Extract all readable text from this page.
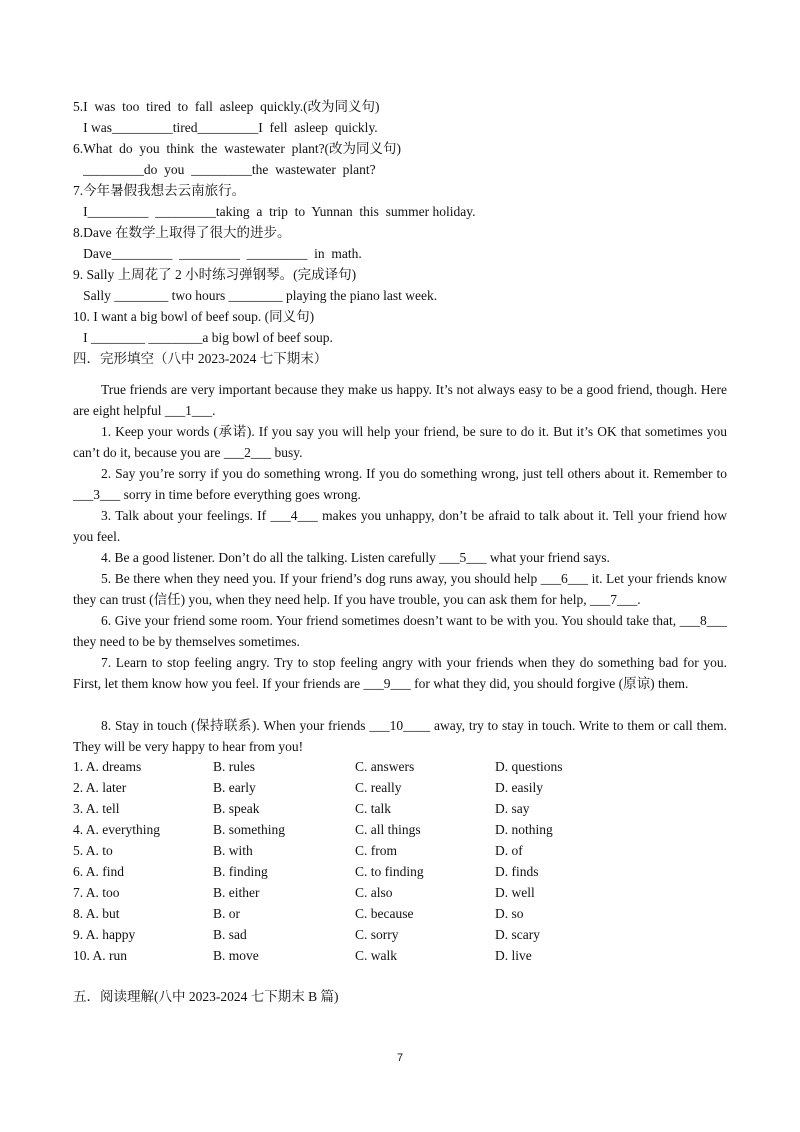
5.I  was  too  tired  to  fall  asleep  quickly.(改为同义句)
I was_________tired_________I  fell  asleep  quickly.
6.What  do  you  think  the  wastewater  plant?(改为同义句)
_________do  you  _________the  wastewater  plant?
7.今年暑假我想去云南旅行。
I_________  _________taking  a  trip  to  Yunnan  this  summer holiday.
8.Dave 在数学上取得了很大的进步。
Dave_________  _________  _________  in  math.
9. Sally 上周花了 2 小时练习弹钢琴。(完成译句)
Sally ________ two hours ________ playing the piano last week.
10. I want a big bowl of beef soup. (同义句)
I ________ ________a big bowl of beef soup.
四．完形填空（八中 2023-2024 七下期末）
True friends are very important because they make us happy. It’s not always easy to be a good friend, though. Here are eight helpful ___1___.
1. Keep your words (承诺). If you say you will help your friend, be sure to do it. But it’s OK that sometimes you can’t do it, because you are ___2___ busy.
2. Say you’re sorry if you do something wrong. If you do something wrong, just tell others about it. Remember to ___3___ sorry in time before everything goes wrong.
3. Talk about your feelings. If ___4___ makes you unhappy, don’t be afraid to talk about it. Tell your friend how you feel.
4. Be a good listener. Don’t do all the talking. Listen carefully ___5___ what your friend says.
5. Be there when they need you. If your friend’s dog runs away, you should help ___6___ it. Let your friends know they can trust (信任) you, when they need help. If you have trouble, you can ask them for help, ___7___.
6. Give your friend some room. Your friend sometimes doesn’t want to be with you. You should take that, ___8___ they need to be by themselves sometimes.
7. Learn to stop feeling angry. Try to stop feeling angry with your friends when they do something bad for you. First, let them know how you feel. If your friends are ___9___ for what they did, you should forgive (原谅) them.
8. Stay in touch (保持联系). When your friends ___10____ away, try to stay in touch. Write to them or call them. They will be very happy to hear from you!
1. A. dreams	B. rules	C. answers	D. questions
2. A. later	B. early	C. really	D. easily
3. A. tell	B. speak	C. talk	D. say
4. A. everything	B. something	C. all things	D. nothing
5. A. to	B. with	C. from	D. of
6. A. find	B. finding	C. to finding	D. finds
7. A. too	B. either	C. also	D. well
8. A. but	B. or	C. because	D. so
9. A. happy	B. sad	C. sorry	D. scary
10. A. run	B. move	C. walk	D. live
五．阅读理解(八中 2023-2024 七下期末 B 篇)
7
